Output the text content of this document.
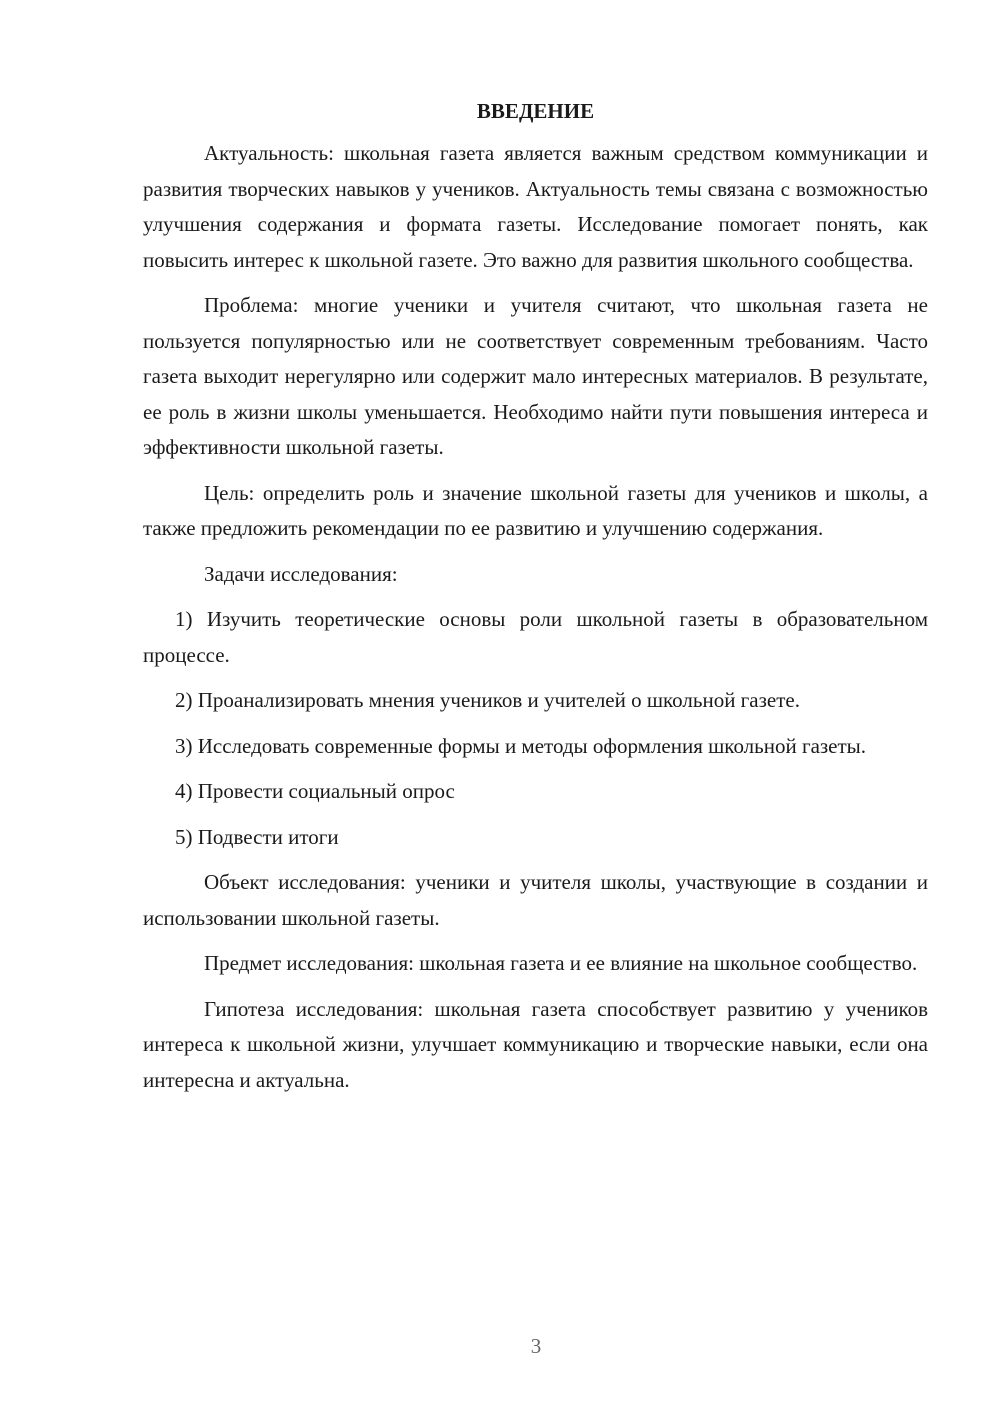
ВВЕДЕНИЕ

Актуальность: школьная газета является важным средством коммуникации и развития творческих навыков у учеников. Актуальность темы связана с возможностью улучшения содержания и формата газеты. Исследование помогает понять, как повысить интерес к школьной газете. Это важно для развития школьного сообщества.

Проблема: многие ученики и учителя считают, что школьная газета не пользуется популярностью или не соответствует современным требованиям. Часто газета выходит нерегулярно или содержит мало интересных материалов. В результате, ее роль в жизни школы уменьшается. Необходимо найти пути повышения интереса и эффективности школьной газеты.

Цель: определить роль и значение школьной газеты для учеников и школы, а также предложить рекомендации по ее развитию и улучшению содержания.

Задачи исследования:

1) Изучить теоретические основы роли школьной газеты в образовательном процессе.

2) Проанализировать мнения учеников и учителей о школьной газете.

3) Исследовать современные формы и методы оформления школьной газеты.

4) Провести социальный опрос

5) Подвести итоги

Объект исследования: ученики и учителя школы, участвующие в создании и использовании школьной газеты.

Предмет исследования: школьная газета и ее влияние на школьное сообщество.

Гипотеза исследования: школьная газета способствует развитию у учеников интереса к школьной жизни, улучшает коммуникацию и творческие навыки, если она интересна и актуальна.

3
